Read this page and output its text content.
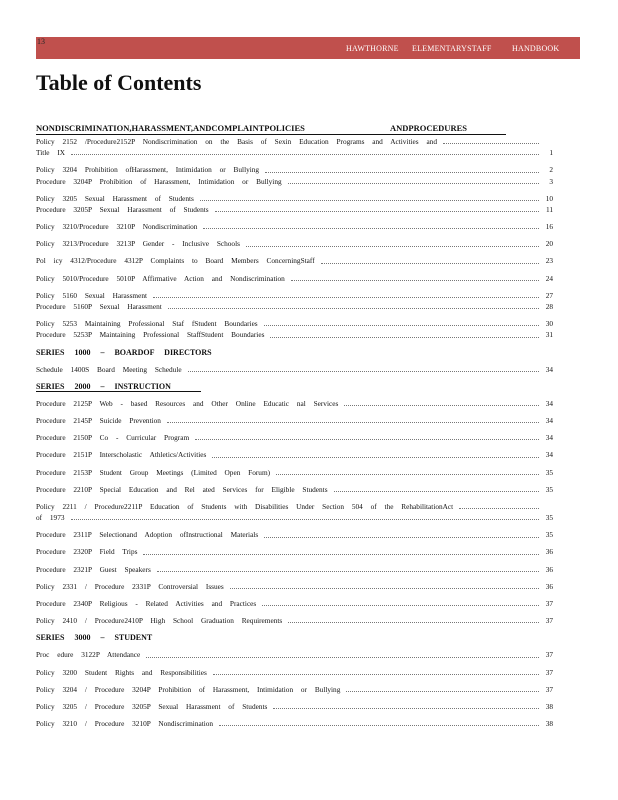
13
HAWTHORNE ELEMENTARYSTAFF	HANDBOOK
Table of Contents
NONDISCRIMINATION,HARASSMENT,ANDCOMPLAINTPOLICIES	ANDPROCEDURES
Policy 2152 /Procedure2152P Nondiscrimination on the Basis of Sexin Education Programs and Activities and
Title IX	1
Policy 3204 Prohibition ofHarassment, Intimidation or Bullying	2
Procedure 3204P Prohibition of Harassment, Intimidation or Bullying	3
Policy 3205 Sexual Harassment of Students	10
Procedure 3205P Sexual Harassment of Students	11
Policy 3210/Procedure 3210P Nondiscrimination	16
Policy 3213/Procedure 3213P Gender - Inclusive Schools	20
Pol icy 4312/Procedure 4312P Complaints to Board Members ConcerningStaff	23
Policy 5010/Procedure 5010P Affirmative Action and Nondiscrimination	24
Policy 5160 Sexual Harassment	27
Procedure 5160P Sexual Harassment	28
Policy 5253 Maintaining Professional Staf fStudent Boundaries	30
Procedure 5253P Maintaining Professional StaffStudent Boundaries	31
SERIES 1000 – BOARDOF DIRECTORS
Schedule 1400S Board Meeting Schedule	34
SERIES 2000 – INSTRUCTION
Procedure 2125P Web - based Resources and Other Online Educatic nal Services	34
Procedure 2145P Suicide Prevention	34
Procedure 2150P Co - Curricular Program	34
Procedure 2151P Interscholastic Athletics/Activities	34
Procedure 2153P Student Group Meetings (Limited Open Forum)	35
Procedure 2210P Special Education and Rel ated Services for Eligible Students	35
Policy 2211 / Procedure2211P Education of Students with Disabilities Under Section 504 of the RehabilitationAct
of 1973	35
Procedure 2311P Selectionand Adoption ofInstructional Materials	35
Procedure 2320P Field Trips	36
Procedure 2321P Guest Speakers	36
Policy 2331 / Procedure 2331P Controversial Issues	36
Procedure 2340P Religious - Related Activities and Practices	37
Policy 2410 / Procedure2410P High School Graduation Requirements	37
SERIES 3000 – STUDENT
Proc edure 3122P Attendance	37
Policy 3200 Student Rights and Responsibilities	37
Policy 3204 / Procedure 3204P Prohibition of Harassment, Intimidation or Bullying	37
Policy 3205 / Procedure 3205P Sexual Harassment of Students	38
Policy 3210 / Procedure 3210P Nondiscrimination	38
